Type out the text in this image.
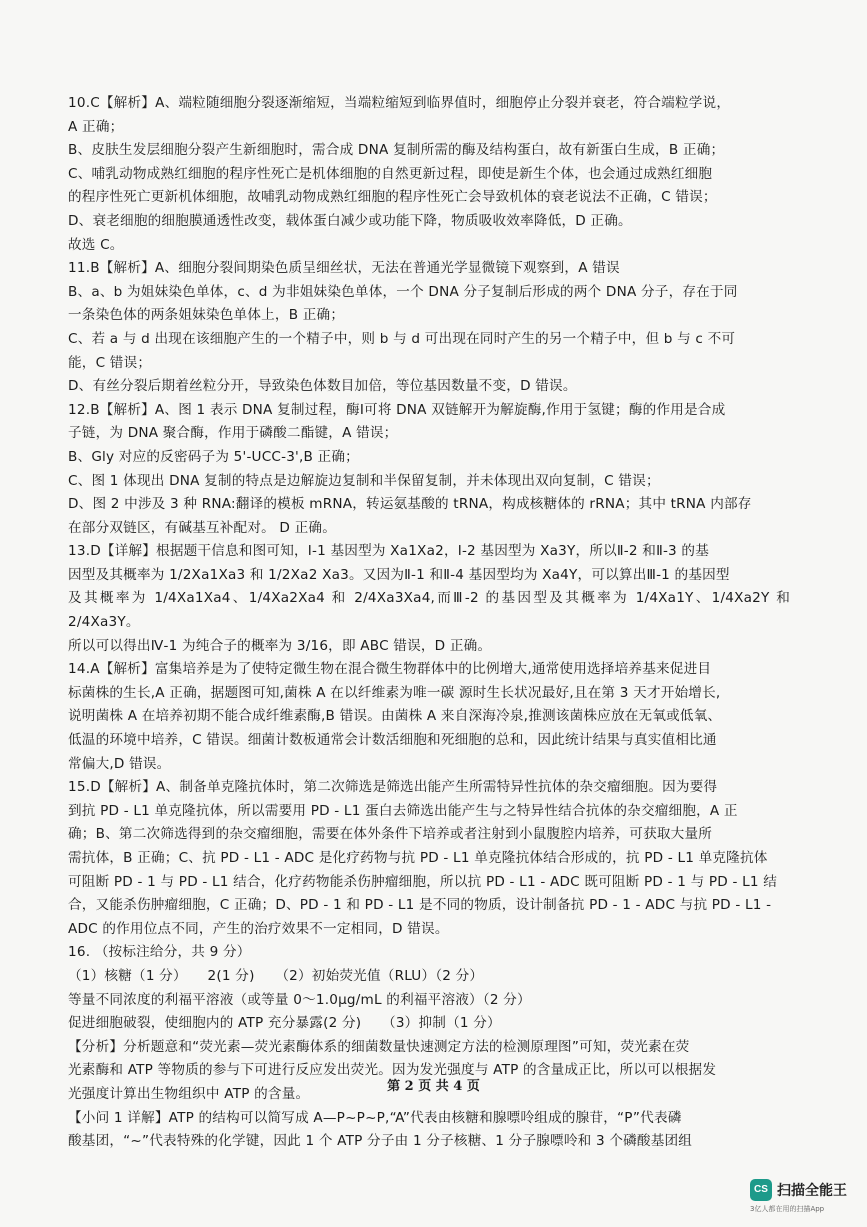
10.C【解析】A、端粒随细胞分裂逐渐缩短，当端粒缩短到临界值时，细胞停止分裂并衰老，符合端粒学说，

A 正确；

B、皮肤生发层细胞分裂产生新细胞时，需合成 DNA 复制所需的酶及结构蛋白，故有新蛋白生成，B 正确；

C、哺乳动物成熟红细胞的程序性死亡是机体细胞的自然更新过程，即使是新生个体，也会通过成熟红细胞

的程序性死亡更新机体细胞，故哺乳动物成熟红细胞的程序性死亡会导致机体的衰老说法不正确，C 错误；

D、衰老细胞的细胞膜通透性改变，载体蛋白减少或功能下降，物质吸收效率降低，D 正确。

故选 C。

11.B【解析】A、细胞分裂间期染色质呈细丝状，无法在普通光学显微镜下观察到，A 错误

B、a、b 为姐妹染色单体，c、d 为非姐妹染色单体，一个 DNA 分子复制后形成的两个 DNA 分子，存在于同

一条染色体的两条姐妹染色单体上，B 正确；

C、若 a 与 d 出现在该细胞产生的一个精子中，则 b 与 d 可出现在同时产生的另一个精子中，但 b 与 c 不可

能，C 错误；

D、有丝分裂后期着丝粒分开，导致染色体数目加倍，等位基因数量不变，D 错误。

12.B【解析】A、图 1 表示 DNA 复制过程，酶Ⅰ可将 DNA 双链解开为解旋酶,作用于氢键；酶的作用是合成

子链，为 DNA 聚合酶，作用于磷酸二酯键，A 错误；

B、Gly 对应的反密码子为 5'-UCC-3',B 正确；

C、图 1 体现出 DNA 复制的特点是边解旋边复制和半保留复制，并未体现出双向复制，C 错误；

D、图 2 中涉及 3 种 RNA:翻译的模板 mRNA，转运氨基酸的 tRNA，构成核糖体的 rRNA；其中 tRNA 内部存

在部分双链区，有碱基互补配对。 D 正确。

13.D【详解】根据题干信息和图可知，Ⅰ-1 基因型为 Xa1Xa2，Ⅰ-2 基因型为 Xa3Y，所以Ⅱ-2 和Ⅱ-3 的基

因型及其概率为 1/2Xa1Xa3 和 1/2Xa2 Xa3。又因为Ⅱ-1 和Ⅱ-4 基因型均为 Xa4Y，可以算出Ⅲ-1 的基因型

及其概率为 1/4Xa1Xa4、1/4Xa2Xa4 和 2/4Xa3Xa4,而Ⅲ-2 的基因型及其概率为 1/4Xa1Y、1/4Xa2Y 和 2/4Xa3Y。

所以可以得出Ⅳ-1 为纯合子的概率为 3/16，即 ABC 错误，D 正确。

14.A【解析】富集培养是为了使特定微生物在混合微生物群体中的比例增大,通常使用选择培养基来促进目

标菌株的生长,A 正确，据题图可知,菌株 A 在以纤维素为唯一碳 源时生长状况最好,且在第 3 天才开始增长,

说明菌株 A 在培养初期不能合成纤维素酶,B 错误。由菌株 A 来自深海冷泉,推测该菌株应放在无氧或低氧、

低温的环境中培养，C 错误。细菌计数板通常会计数活细胞和死细胞的总和，因此统计结果与真实值相比通

常偏大,D 错误。

15.D【解析】A、制备单克隆抗体时，第二次筛选是筛选出能产生所需特异性抗体的杂交瘤细胞。因为要得

到抗 PD - L1 单克隆抗体，所以需要用 PD - L1 蛋白去筛选出能产生与之特异性结合抗体的杂交瘤细胞，A 正

确；B、第二次筛选得到的杂交瘤细胞，需要在体外条件下培养或者注射到小鼠腹腔内培养，可获取大量所

需抗体，B 正确；C、抗 PD - L1 - ADC 是化疗药物与抗 PD - L1 单克隆抗体结合形成的，抗 PD - L1 单克隆抗体

可阻断 PD - 1 与 PD - L1 结合，化疗药物能杀伤肿瘤细胞，所以抗 PD - L1 - ADC 既可阻断 PD - 1 与 PD - L1 结

合，又能杀伤肿瘤细胞，C 正确；D、PD - 1 和 PD - L1 是不同的物质，设计制备抗 PD - 1 - ADC 与抗 PD - L1 -

ADC 的作用位点不同，产生的治疗效果不一定相同，D 错误。

16. （按标注给分，共 9 分）

（1）核糖（1 分）　　2(1 分)　　（2）初始荧光值（RLU）（2 分）

等量不同浓度的利福平溶液（或等量 0～1.0μg/mL 的利福平溶液）（2 分）

促进细胞破裂，使细胞内的 ATP 充分暴露(2 分)　　（3）抑制（1 分）

【分析】分析题意和“荧光素—荧光素酶体系的细菌数量快速测定方法的检测原理图”可知，荧光素在荧

光素酶和 ATP 等物质的参与下可进行反应发出荧光。因为发光强度与 ATP 的含量成正比，所以可以根据发

光强度计算出生物组织中 ATP 的含量。

【小问 1 详解】ATP 的结构可以简写成 A—P~P~P,“A”代表由核糖和腺嘌呤组成的腺苷，“P”代表磷

酸基团，“~”代表特殊的化学键，因此 1 个 ATP 分子由 1 分子核糖、1 分子腺嘌呤和 3 个磷酸基团组

第 2 页 共 4 页
CS 扫描全能王
3亿人都在用的扫描App
